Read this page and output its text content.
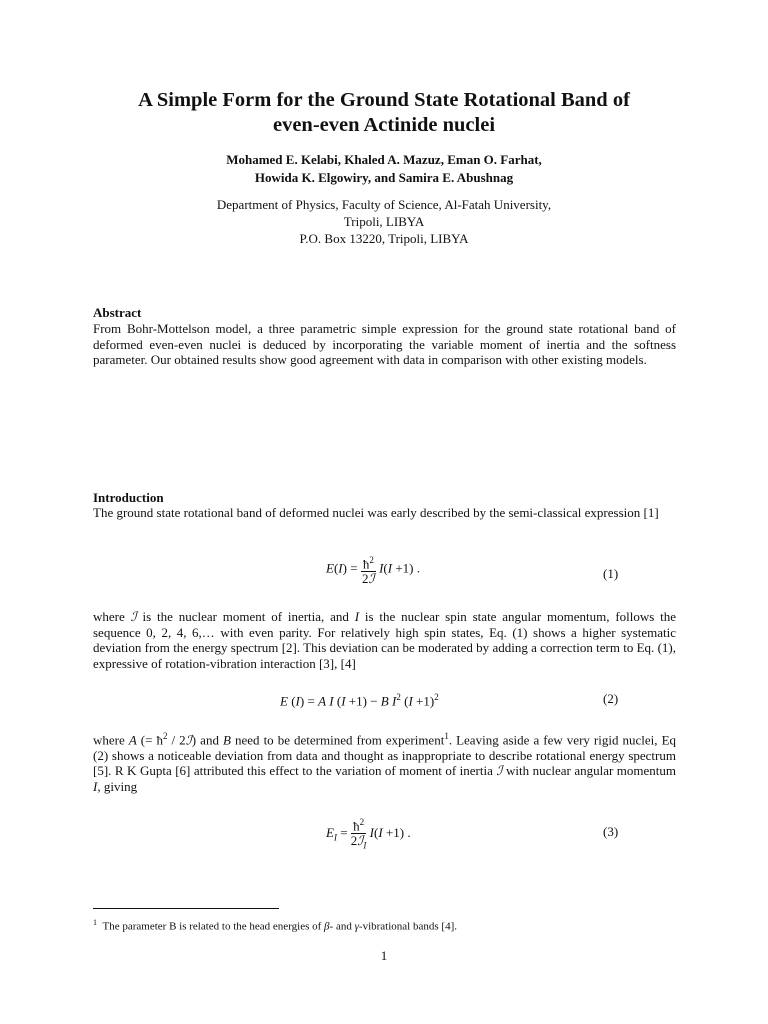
A Simple Form for the Ground State Rotational Band of
even-even Actinide nuclei
Mohamed E. Kelabi, Khaled A. Mazuz, Eman O. Farhat,
Howida K. Elgowiry, and Samira E. Abushnag
Department of Physics, Faculty of Science, Al-Fatah University,
Tripoli, LIBYA
P.O. Box 13220, Tripoli, LIBYA
Abstract
From Bohr-Mottelson model, a three parametric simple expression for the ground state rotational band of deformed even-even nuclei is deduced by incorporating the variable moment of inertia and the softness parameter. Our obtained results show good agreement with data in comparison with other existing models.
Introduction
The ground state rotational band of deformed nuclei was early described by the semi-classical expression [1]
$E(I) = \frac{ħ^2}{\text{2ℐ}} I(I +1)$ .	(1)
where ℐ is the nuclear moment of inertia, and I is the nuclear spin state angular momentum, follows the sequence 0, 2, 4, 6,… with even parity. For relatively high spin states, Eq. (1) shows a higher systematic deviation from the energy spectrum [2]. This deviation can be moderated by adding a correction term to Eq. (1), expressive of rotation-vibration interaction [3], [4]
E (I) = A I (I +1) − B $I^2$ $(I +1)^2$	(2)
where A (= $ħ^2$ / 2ℐ) and B need to be determined from experiment$^1$. Leaving aside a few very rigid nuclei, Eq (2) shows a noticeable deviation from data and thought as inappropriate to describe rotational energy spectrum [5]. R K Gupta [6] attributed this effect to the variation of moment of inertia ℐ with nuclear angular momentum I, giving
$E_I = \frac{ħ^2}{2ℐ_I} I(I +1)$ .	(3)
$^1$ The parameter B is related to the head energies of β- and γ-vibrational bands [4].
1
